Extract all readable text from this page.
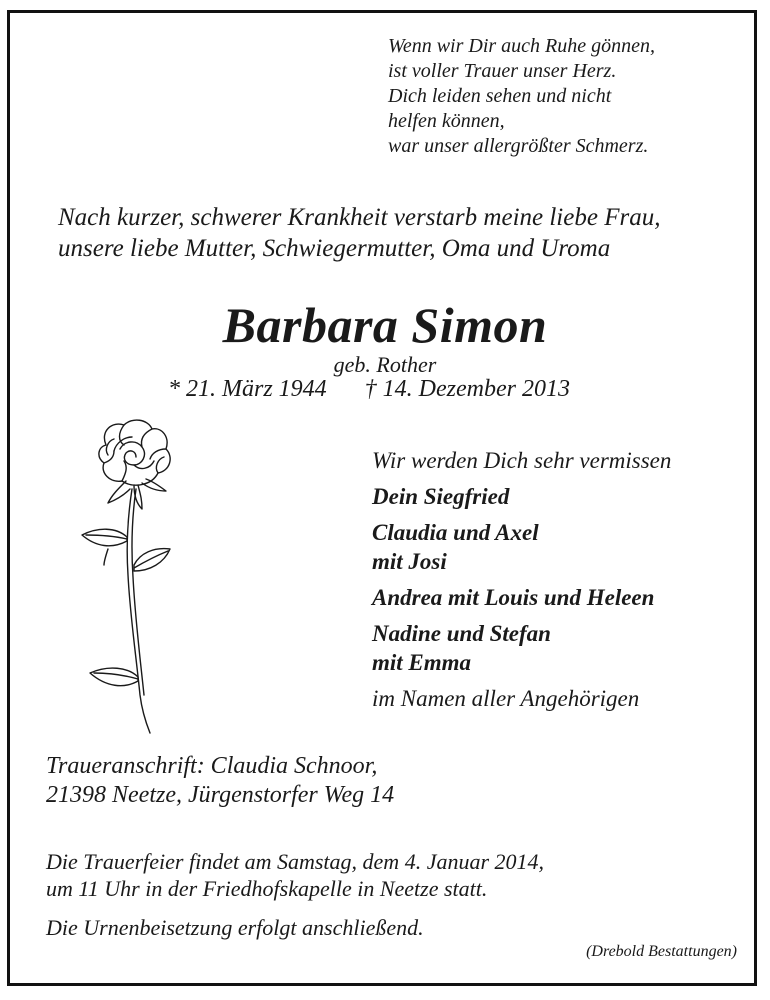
Wenn wir Dir auch Ruhe gönnen,
ist voller Trauer unser Herz.
Dich leiden sehen und nicht
helfen können,
war unser allergrößter Schmerz.
Nach kurzer, schwerer Krankheit verstarb meine liebe Frau,
unsere liebe Mutter, Schwiegermutter, Oma und Uroma
Barbara Simon
geb. Rother
* 21. März 1944 † 14. Dezember 2013
Wir werden Dich sehr vermissen
Dein Siegfried
Claudia und Axel
mit Josi
Andrea mit Louis und Heleen
Nadine und Stefan
mit Emma
im Namen aller Angehörigen
Traueranschrift: Claudia Schnoor,
21398 Neetze, Jürgenstorfer Weg 14
Die Trauerfeier findet am Samstag, dem 4. Januar 2014,
um 11 Uhr in der Friedhofskapelle in Neetze statt.
Die Urnenbeisetzung erfolgt anschließend.
(Drebold Bestattungen)
